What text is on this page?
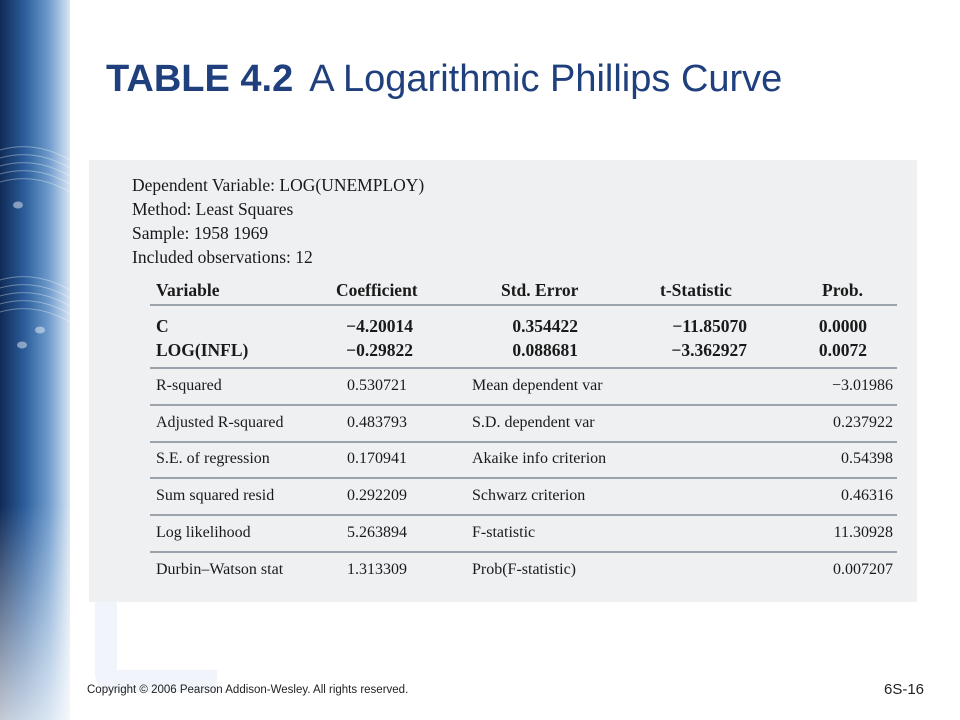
TABLE 4.2 A Logarithmic Phillips Curve
Dependent Variable: LOG(UNEMPLOY)
Method: Least Squares
Sample: 1958 1969
Included observations: 12
Variable	Coefficient	Std. Error	t-Statistic	Prob.
C	−4.20014	0.354422	−11.85070	0.0000
LOG(INFL)	−0.29822	0.088681	−3.362927	0.0072
R-squared	0.530721	Mean dependent var	−3.01986
Adjusted R-squared	0.483793	S.D. dependent var	0.237922
S.E. of regression	0.170941	Akaike info criterion	0.54398
Sum squared resid	0.292209	Schwarz criterion	0.46316
Log likelihood	5.263894	F-statistic	11.30928
Durbin–Watson stat	1.313309	Prob(F-statistic)	0.007207
Copyright © 2006 Pearson Addison-Wesley. All rights reserved.	6S-16
